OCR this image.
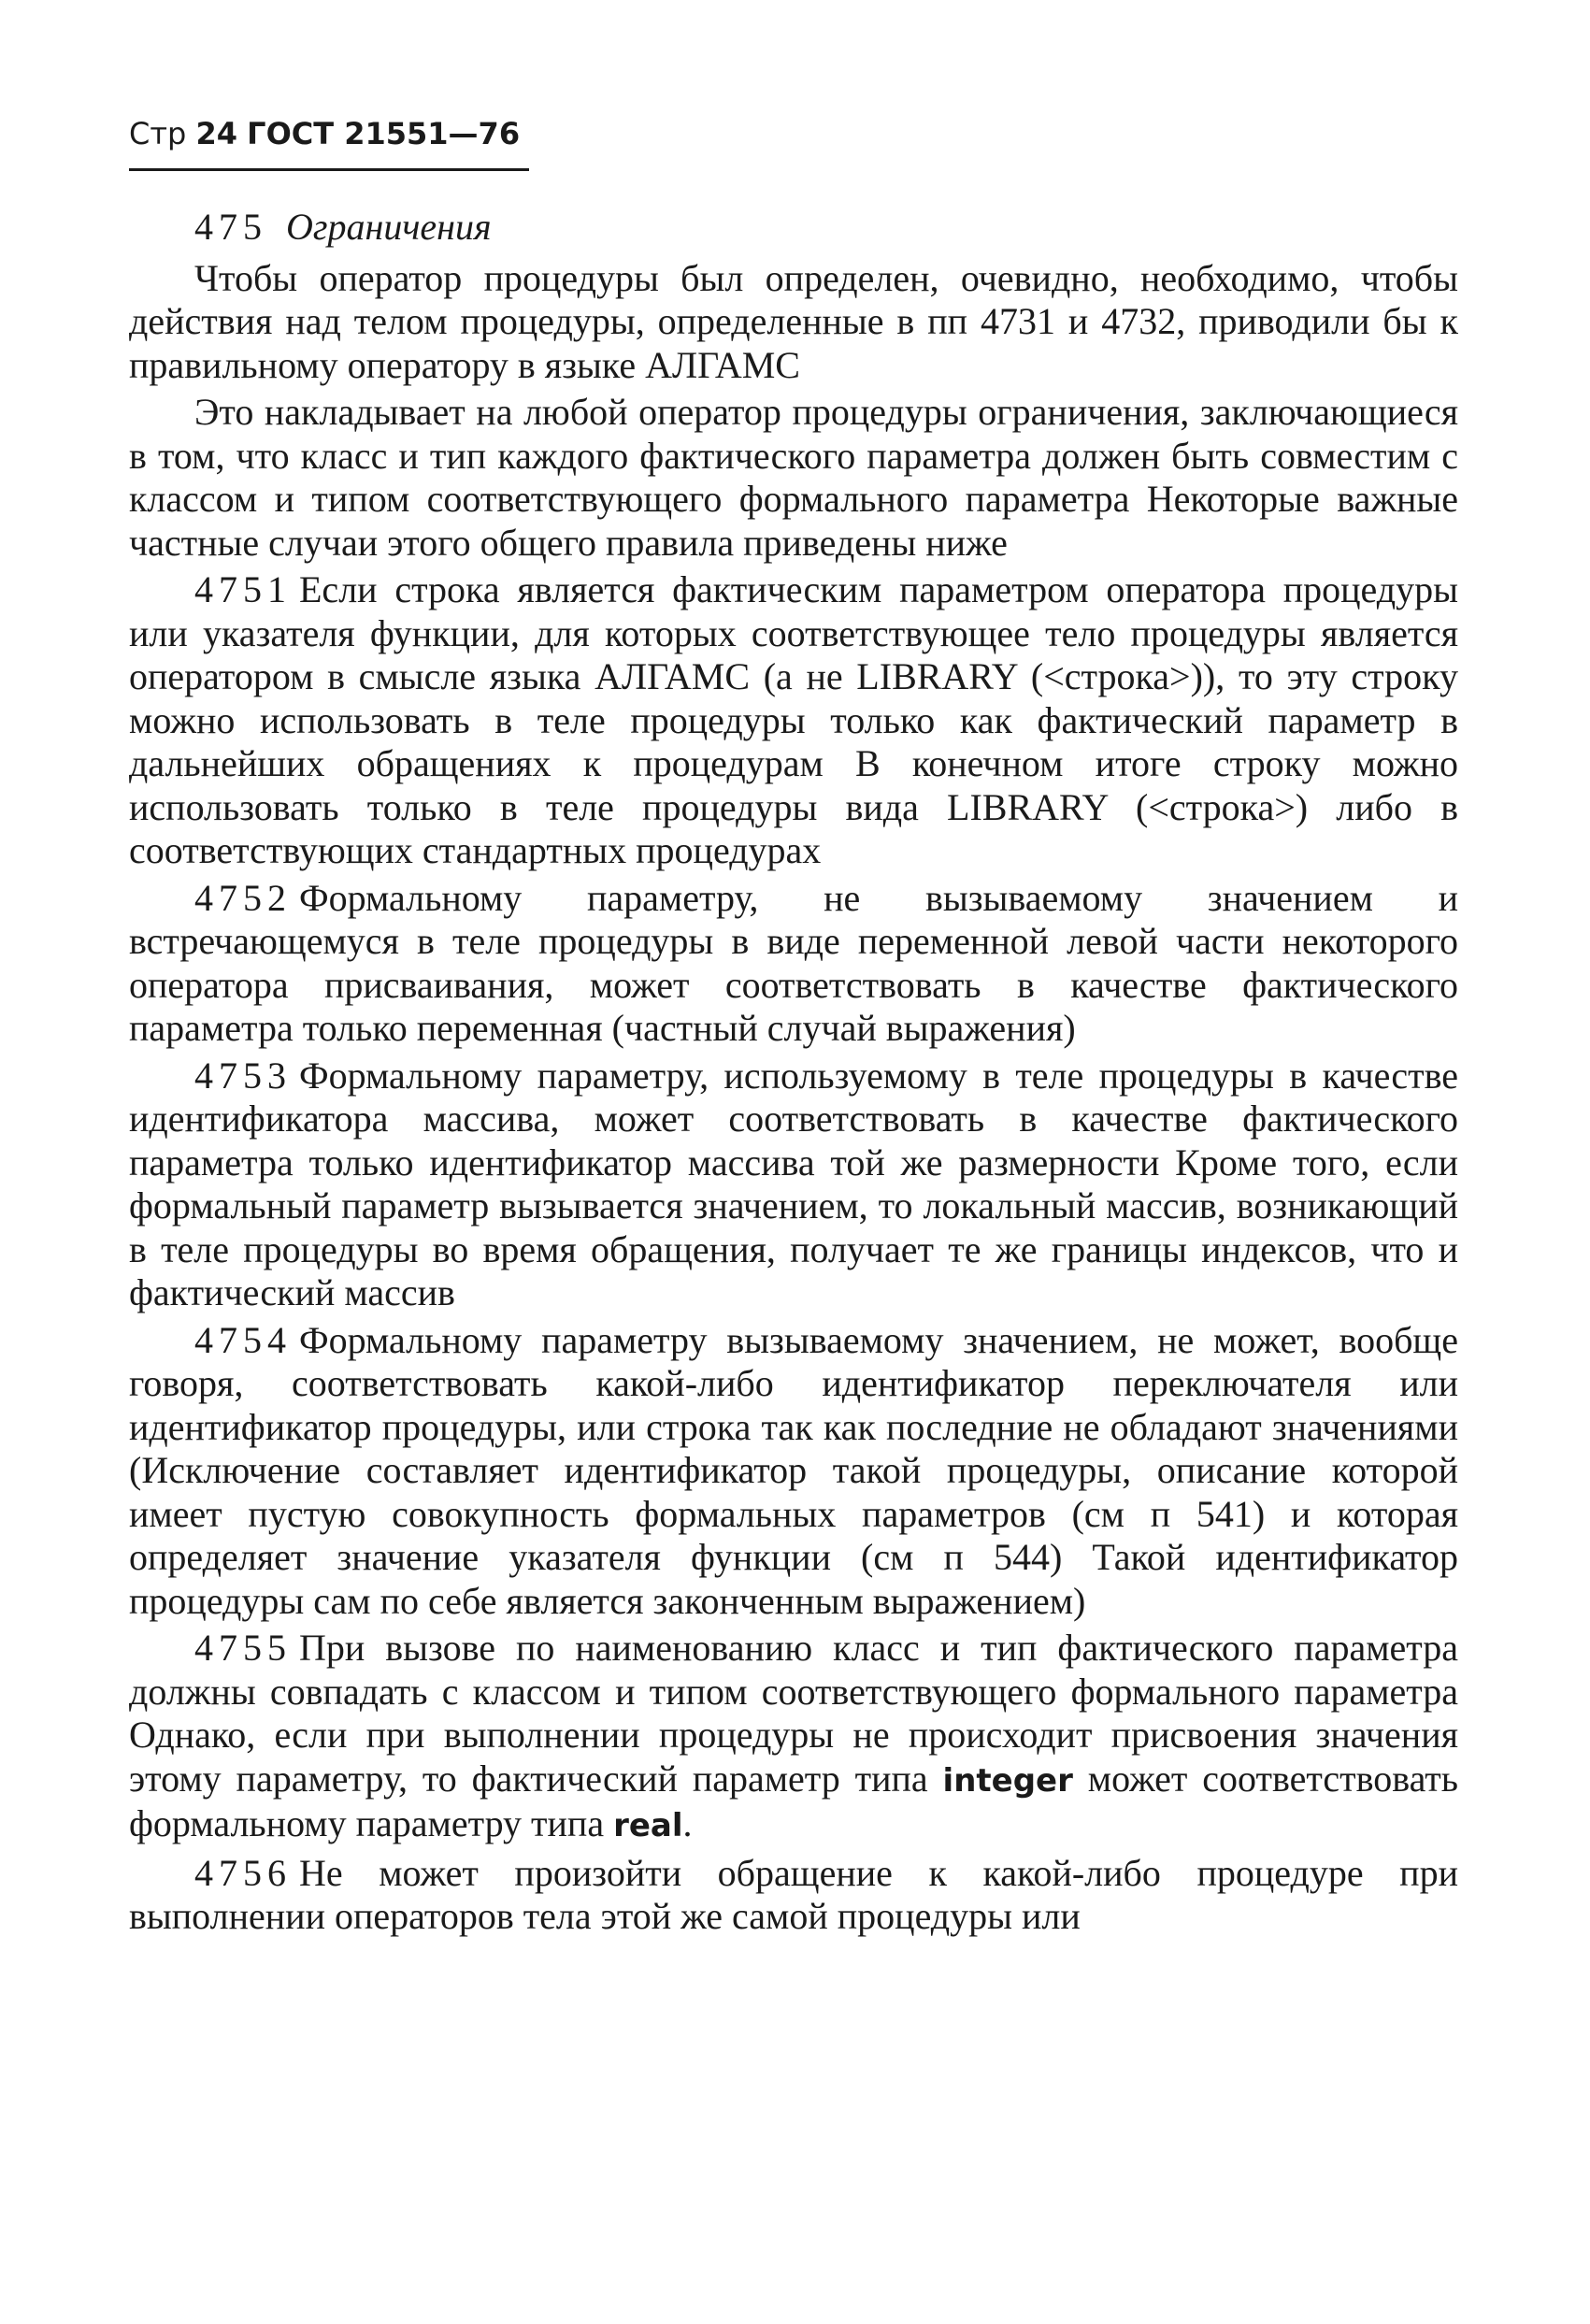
Стр 24 ГОСТ 21551—76
475 Ограничения

Чтобы оператор процедуры был определен, очевидно, необходимо, чтобы действия над телом процедуры, определенные в пп 4731 и 4732, приводили бы к правильному оператору в языке АЛГАМС

Это накладывает на любой оператор процедуры ограничения, заключающиеся в том, что класс и тип каждого фактического параметра должен быть совместим с классом и типом соответствующего формального параметра Некоторые важные частные случаи этого общего правила приведены ниже

4751 Если строка является фактическим параметром оператора процедуры или указателя функции, для которых соответствующее тело процедуры является оператором в смысле языка АЛГАМС (а не LIBRARY (<строка>)), то эту строку можно использовать в теле процедуры только как фактический параметр в дальнейших обращениях к процедурам В конечном итоге строку можно использовать только в теле процедуры вида LIBRARY (<строка>) либо в соответствующих стандартных процедурах

4752 Формальному параметру, не вызываемому значением и встречающемуся в теле процедуры в виде переменной левой части некоторого оператора присваивания, может соответствовать в качестве фактического параметра только переменная (частный случай выражения)

4753 Формальному параметру, используемому в теле процедуры в качестве идентификатора массива, может соответствовать в качестве фактического параметра только идентификатор массива той же размерности Кроме того, если формальный параметр вызывается значением, то локальный массив, возникающий в теле процедуры во время обращения, получает те же границы индексов, что и фактический массив

4754 Формальному параметру вызываемому значением, не может, вообще говоря, соответствовать какой-либо идентификатор переключателя или идентификатор процедуры, или строка так как последние не обладают значениями (Исключение составляет идентификатор такой процедуры, описание которой имеет пустую совокупность формальных параметров (см п 541) и которая определяет значение указателя функции (см п 544) Такой идентификатор процедуры сам по себе является законченным выражением)

4755 При вызове по наименованию класс и тип фактического параметра должны совпадать с классом и типом соответствующего формального параметра Однако, если при выполнении процедуры не происходит присвоения значения этому параметру, то фактический параметр типа integer может соответствовать формальному параметру типа real.

4756 Не может произойти обращение к какой-либо процедуре при выполнении операторов тела этой же самой процедуры или
